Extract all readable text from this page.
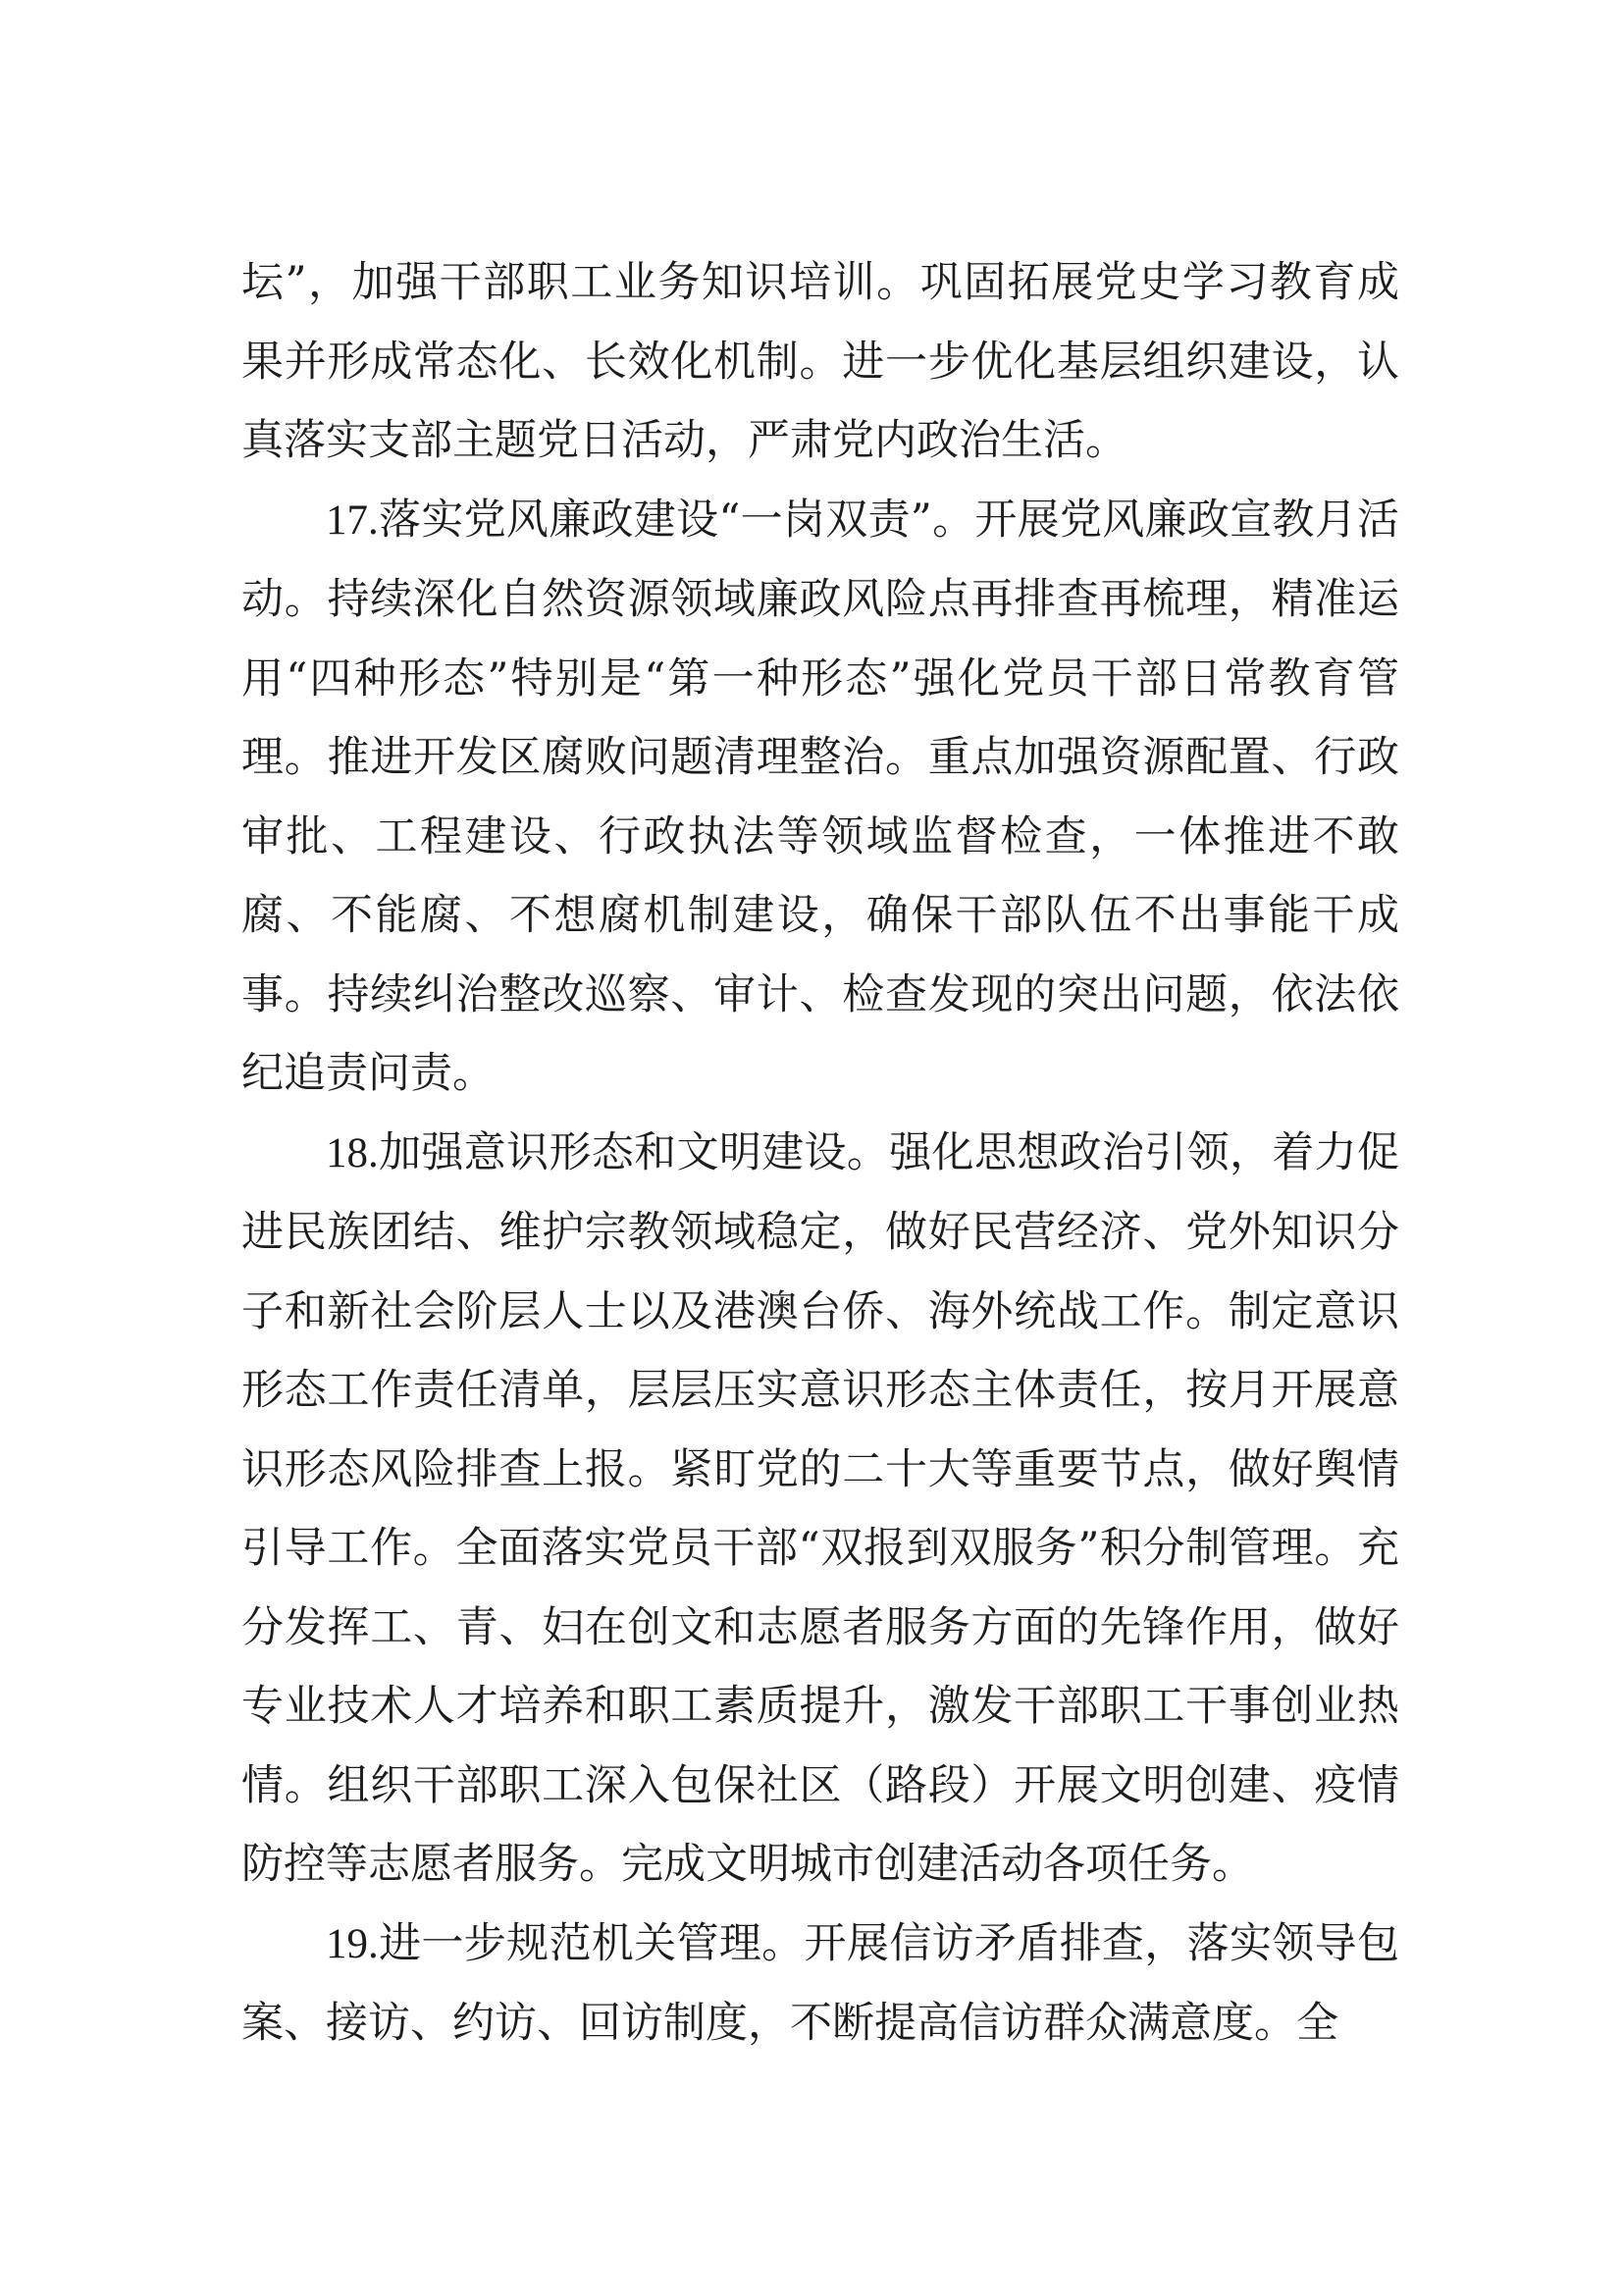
坛”，加强干部职工业务知识培训。巩固拓展党史学习教育成果并形成常态化、长效化机制。进一步优化基层组织建设，认真落实支部主题党日活动，严肃党内政治生活。

17.落实党风廉政建设“一岗双责”。开展党风廉政宣教月活动。持续深化自然资源领域廉政风险点再排查再梳理，精准运用“四种形态”特别是“第一种形态”强化党员干部日常教育管理。推进开发区腐败问题清理整治。重点加强资源配置、行政审批、工程建设、行政执法等领域监督检查，一体推进不敢腐、不能腐、不想腐机制建设，确保干部队伍不出事能干成事。持续纠治整改巡察、审计、检查发现的突出问题，依法依纪追责问责。

18.加强意识形态和文明建设。强化思想政治引领，着力促进民族团结、维护宗教领域稳定，做好民营经济、党外知识分子和新社会阶层人士以及港澳台侨、海外统战工作。制定意识形态工作责任清单，层层压实意识形态主体责任，按月开展意识形态风险排查上报。紧盯党的二十大等重要节点，做好舆情引导工作。全面落实党员干部“双报到双服务”积分制管理。充分发挥工、青、妇在创文和志愿者服务方面的先锋作用，做好专业技术人才培养和职工素质提升，激发干部职工干事创业热情。组织干部职工深入包保社区（路段）开展文明创建、疫情防控等志愿者服务。完成文明城市创建活动各项任务。

19.进一步规范机关管理。开展信访矛盾排查，落实领导包案、接访、约访、回访制度，不断提高信访群众满意度。全
